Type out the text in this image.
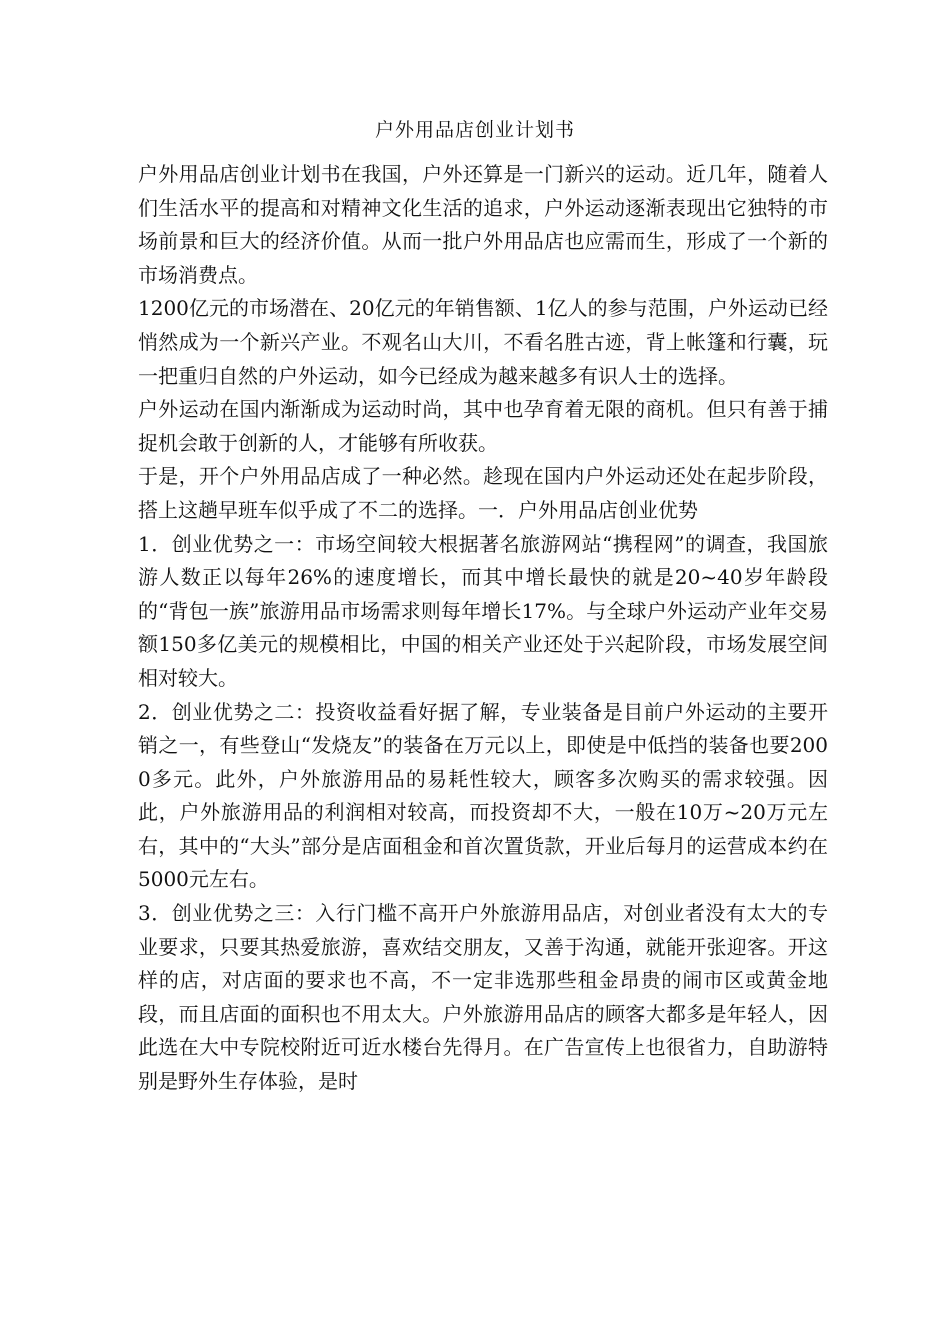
户外用品店创业计划书

户外用品店创业计划书在我国，户外还算是一门新兴的运动。近几年，随着人们生活水平的提高和对精神文化生活的追求，户外运动逐渐表现出它独特的市场前景和巨大的经济价值。从而一批户外用品店也应需而生，形成了一个新的市场消费点。

1200亿元的市场潜在、20亿元的年销售额、1亿人的参与范围，户外运动已经悄然成为一个新兴产业。不观名山大川，不看名胜古迹，背上帐篷和行囊，玩一把重归自然的户外运动，如今已经成为越来越多有识人士的选择。

户外运动在国内渐渐成为运动时尚，其中也孕育着无限的商机。但只有善于捕捉机会敢于创新的人，才能够有所收获。

于是，开个户外用品店成了一种必然。趁现在国内户外运动还处在起步阶段，搭上这趟早班车似乎成了不二的选择。一．户外用品店创业优势

1．创业优势之一：市场空间较大根据著名旅游网站“携程网”的调查，我国旅游人数正以每年26%的速度增长，而其中增长最快的就是20~40岁年龄段的“背包一族”旅游用品市场需求则每年增长17%。与全球户外运动产业年交易额150多亿美元的规模相比，中国的相关产业还处于兴起阶段，市场发展空间相对较大。

2．创业优势之二：投资收益看好据了解，专业装备是目前户外运动的主要开销之一，有些登山“发烧友”的装备在万元以上，即使是中低挡的装备也要2000多元。此外，户外旅游用品的易耗性较大，顾客多次购买的需求较强。因此，户外旅游用品的利润相对较高，而投资却不大，一般在10万~20万元左右，其中的“大头”部分是店面租金和首次置货款，开业后每月的运营成本约在5000元左右。

3．创业优势之三：入行门槛不高开户外旅游用品店，对创业者没有太大的专业要求，只要其热爱旅游，喜欢结交朋友，又善于沟通，就能开张迎客。开这样的店，对店面的要求也不高，不一定非选那些租金昂贵的闹市区或黄金地段，而且店面的面积也不用太大。户外旅游用品店的顾客大都多是年轻人，因此选在大中专院校附近可近水楼台先得月。在广告宣传上也很省力，自助游特别是野外生存体验，是时
